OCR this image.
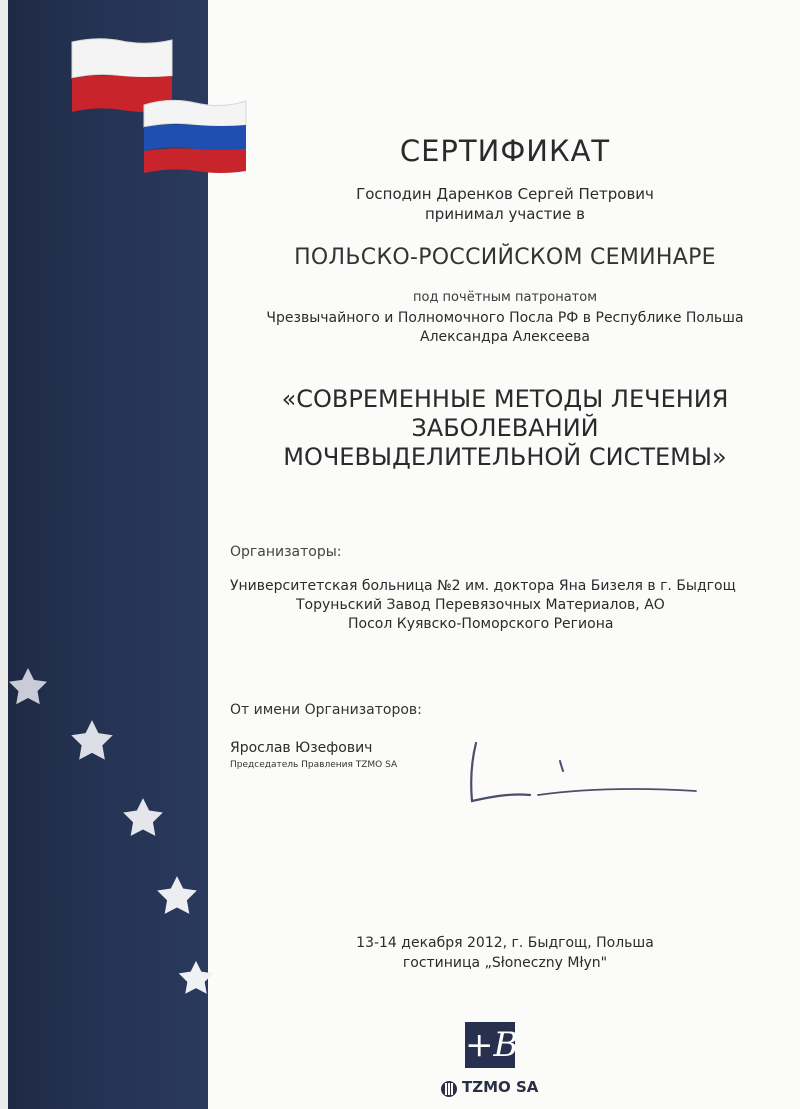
СЕРТИФИКАТ
Господин Даренков Сергей Петрович
принимал участие в
ПОЛЬСКО-РОССИЙСКОМ СЕМИНАРЕ
под почётным патронатом
Чрезвычайного и Полномочного Посла РФ в Республике Польша
Александра Алексеева
«СОВРЕМЕННЫЕ МЕТОДЫ ЛЕЧЕНИЯ
ЗАБОЛЕВАНИЙ
МОЧЕВЫДЕЛИТЕЛЬНОЙ СИСТЕМЫ»
Организаторы:
Университетская больница №2 им. доктора Яна Бизеля в г. Быдгощ
Торуньский Завод Перевязочных Материалов, АО
Посол Куявско-Поморского Региона
От имени Организаторов:
Ярослав Юзефович
Председатель Правления TZMO SA
13-14 декабря 2012, г. Быдгощ, Польша
гостиница „Słoneczny Młyn"
+B
TZMO SA
